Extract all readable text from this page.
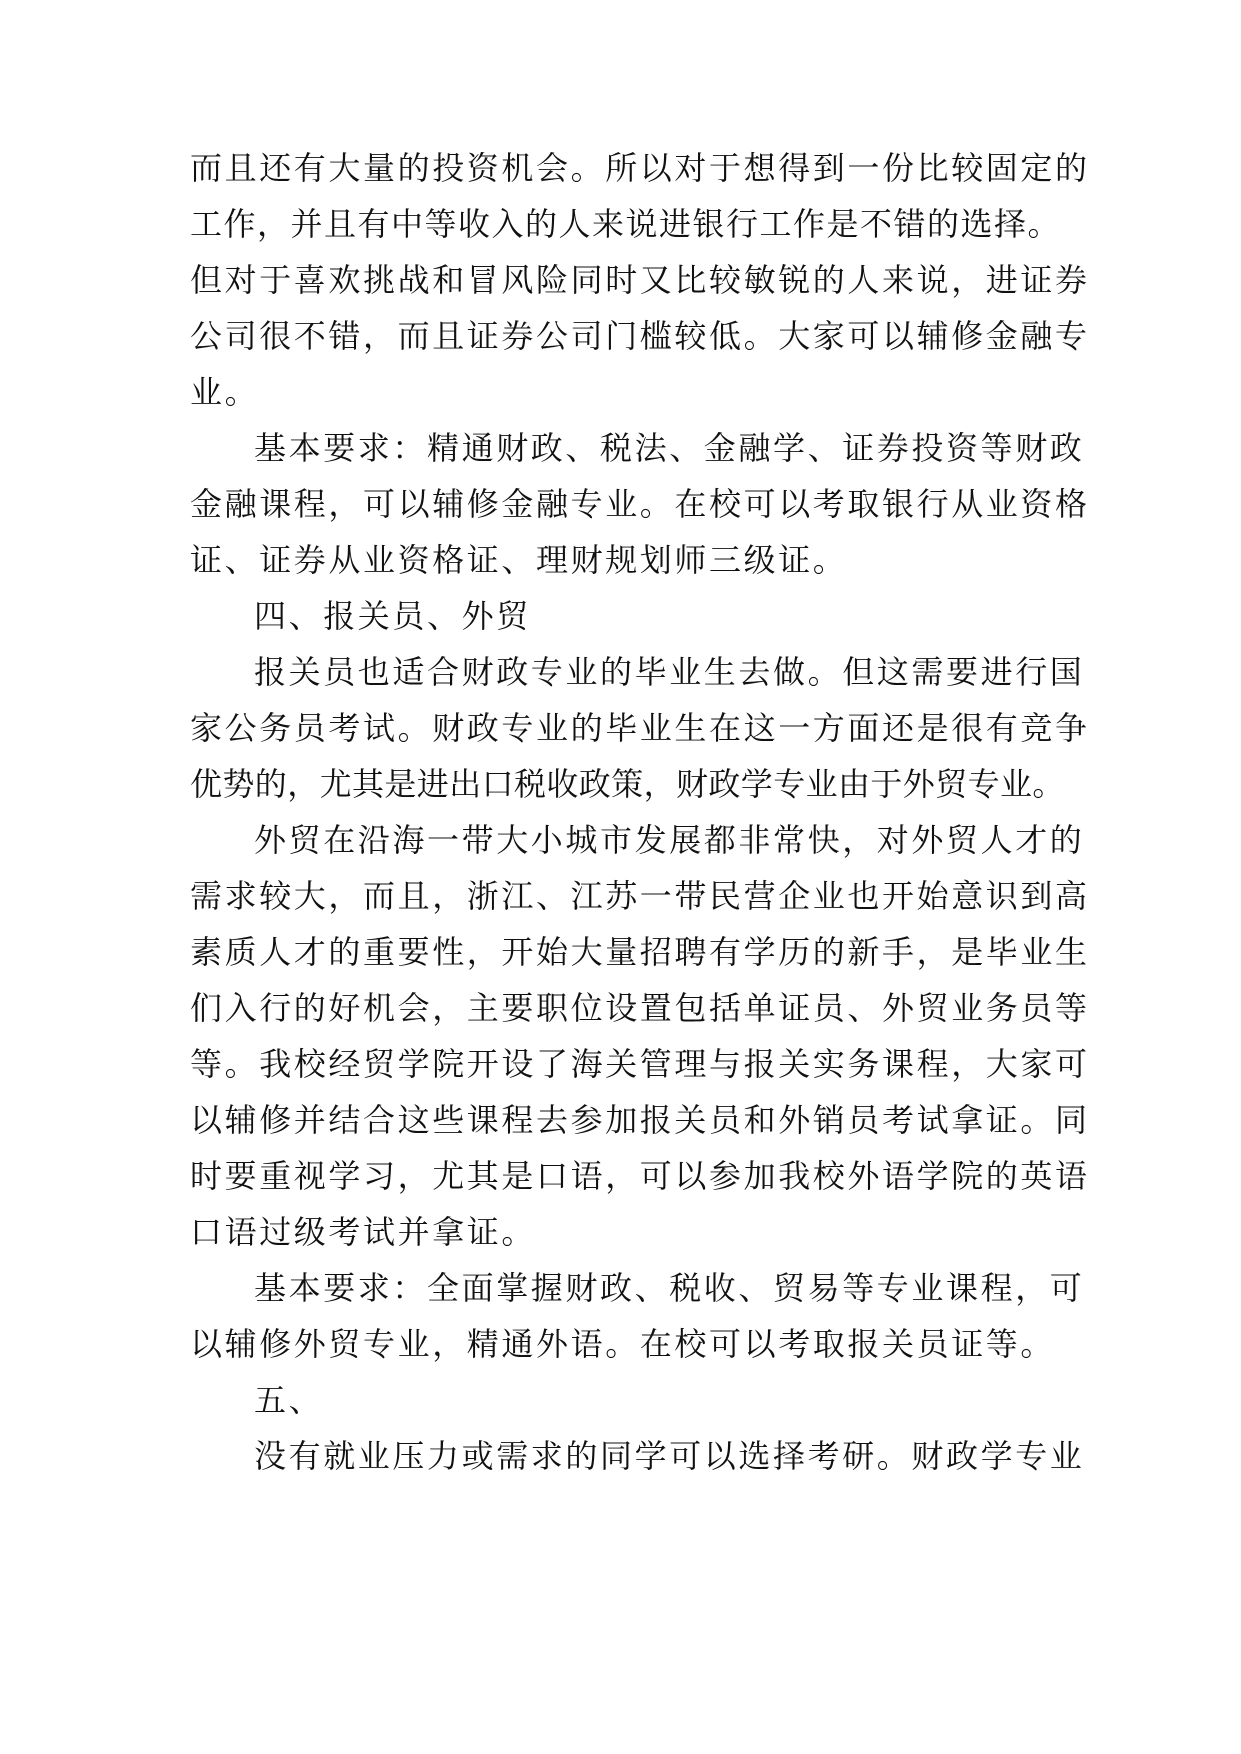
而且还有大量的投资机会。所以对于想得到一份比较固定的
工作，并且有中等收入的人来说进银行工作是不错的选择。
但对于喜欢挑战和冒风险同时又比较敏锐的人来说，进证券
公司很不错，而且证券公司门槛较低。大家可以辅修金融专
业。
基本要求：精通财政、税法、金融学、证券投资等财政
金融课程，可以辅修金融专业。在校可以考取银行从业资格
证、证券从业资格证、理财规划师三级证。
四、报关员、外贸
报关员也适合财政专业的毕业生去做。但这需要进行国
家公务员考试。财政专业的毕业生在这一方面还是很有竞争
优势的，尤其是进出口税收政策，财政学专业由于外贸专业。
外贸在沿海一带大小城市发展都非常快，对外贸人才的
需求较大，而且，浙江、江苏一带民营企业也开始意识到高
素质人才的重要性，开始大量招聘有学历的新手，是毕业生
们入行的好机会，主要职位设置包括单证员、外贸业务员等
等。我校经贸学院开设了海关管理与报关实务课程，大家可
以辅修并结合这些课程去参加报关员和外销员考试拿证。同
时要重视学习，尤其是口语，可以参加我校外语学院的英语
口语过级考试并拿证。
基本要求：全面掌握财政、税收、贸易等专业课程，可
以辅修外贸专业，精通外语。在校可以考取报关员证等。
五、
没有就业压力或需求的同学可以选择考研。财政学专业
